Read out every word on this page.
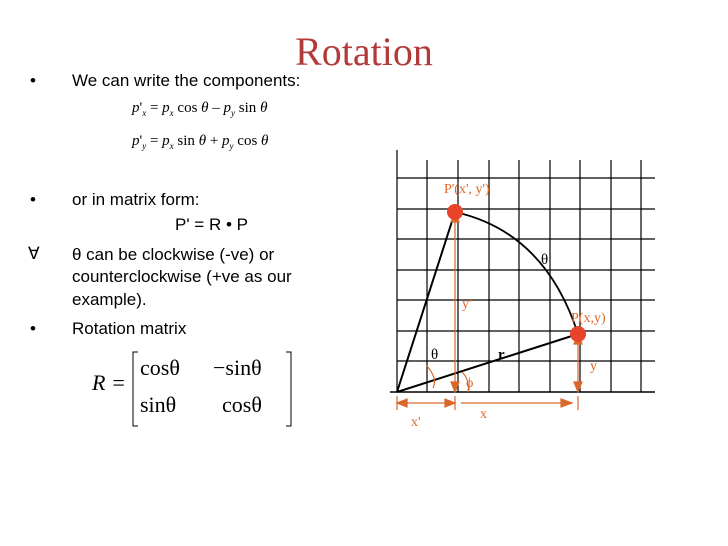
Rotation
• We can write the components:
$p'_x = p_x$ cos θ – $p_y$ sin θ
$p'_y = p_x$ $\sin \theta + p_y$ cos θ
• or in matrix form:
P' = R • P
∀ θ can be clockwise (-ve) or
counterclockwise (+ve as our
example).
• Rotation matrix
R =
cosθ −sinθ
sinθ cosθ
P'(x', y')
P(x,y)
θ
θ	r
ϕ
y'
y
x'
x
